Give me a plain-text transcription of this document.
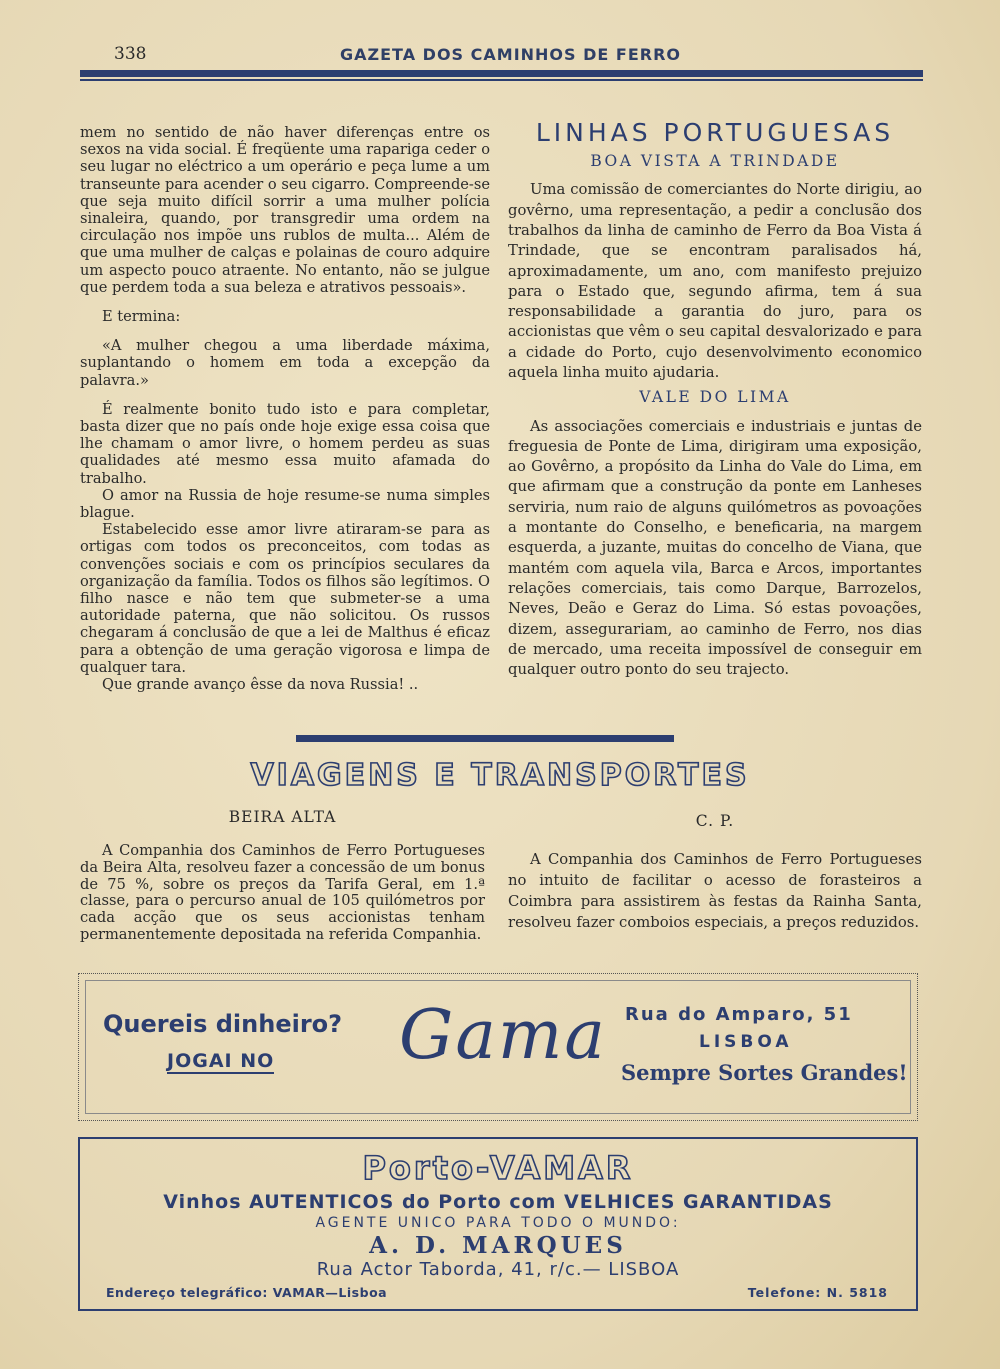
338	GAZETA DOS CAMINHOS DE FERRO

mem no sentido de não haver diferenças entre os sexos na vida social. É freqüente uma rapariga ceder o seu lugar no eléctrico a um operário e peça lume a um transeunte para acender o seu cigarro. Compreende-se que seja muito difícil sorrir a uma mulher polícia sinaleira, quando, por transgredir uma ordem na circulação nos impõe uns rublos de multa... Além de que uma mulher de calças e polainas de couro adquire um aspecto pouco atraente. No entanto, não se julgue que perdem toda a sua beleza e atrativos pessoais».

E termina:

«A mulher chegou a uma liberdade máxima, suplantando o homem em toda a excepção da palavra.»

É realmente bonito tudo isto e para completar, basta dizer que no país onde hoje exige essa coisa que lhe chamam o amor livre, o homem perdeu as suas qualidades até mesmo essa muito afamada do trabalho.

O amor na Russia de hoje resume-se numa simples blague.

Estabelecido esse amor livre atiraram-se para as ortigas com todos os preconceitos, com todas as convenções sociais e com os princípios seculares da organização da família. Todos os filhos são legítimos. O filho nasce e não tem que submeter-se a uma autoridade paterna, que não solicitou. Os russos chegaram á conclusão de que a lei de Malthus é eficaz para a obtenção de uma geração vigorosa e limpa de qualquer tara.

Que grande avanço êsse da nova Russia! ..

LINHAS PORTUGUESAS
BOA VISTA A TRINDADE

Uma comissão de comerciantes do Norte dirigiu, ao govêrno, uma representação, a pedir a conclusão dos trabalhos da linha de caminho de Ferro da Boa Vista á Trindade, que se encontram paralisados há, aproximadamente, um ano, com manifesto prejuizo para o Estado que, segundo afirma, tem á sua responsabilidade a garantia do juro, para os accionistas que vêm o seu capital desvalorizado e para a cidade do Porto, cujo desenvolvimento economico aquela linha muito ajudaria.

VALE DO LIMA

As associações comerciais e industriais e juntas de freguesia de Ponte de Lima, dirigiram uma exposição, ao Govêrno, a propósito da Linha do Vale do Lima, em que afirmam que a construção da ponte em Lanheses serviria, num raio de alguns quilómetros as povoações a montante do Conselho, e beneficaria, na margem esquerda, a juzante, muitas do concelho de Viana, que mantém com aquela vila, Barca e Arcos, importantes relações comerciais, tais como Darque, Barrozelos, Neves, Deão e Geraz do Lima. Só estas povoações, dizem, assegurariam, ao caminho de Ferro, nos dias de mercado, uma receita impossível de conseguir em qualquer outro ponto do seu trajecto.

VIAGENS E TRANSPORTES
BEIRA ALTA	C. P.

A Companhia dos Caminhos de Ferro Portugueses da Beira Alta, resolveu fazer a concessão de um bonus de 75 %, sobre os preços da Tarifa Geral, em 1.ª classe, para o percurso anual de 105 quilómetros por cada acção que os seus accionistas tenham permanentemente depositada na referida Companhia.

A Companhia dos Caminhos de Ferro Portugueses no intuito de facilitar o acesso de forasteiros a Coimbra para assistirem às festas da Rainha Santa, resolveu fazer comboios especiais, a preços reduzidos.

Quereis dinheiro?
JOGAI NO Gama Rua do Amparo, 51
LISBOA
Sempre Sortes Grandes!
Porto-VAMAR
Vinhos AUTENTICOS do Porto com VELHICES GARANTIDAS
AGENTE UNICO PARA TODO O MUNDO:
A. D. MARQUES
Rua Actor Taborda, 41, r/c.— LISBOA
Endereço telegráfico: VAMAR—Lisboa	Telefone: N. 5818
